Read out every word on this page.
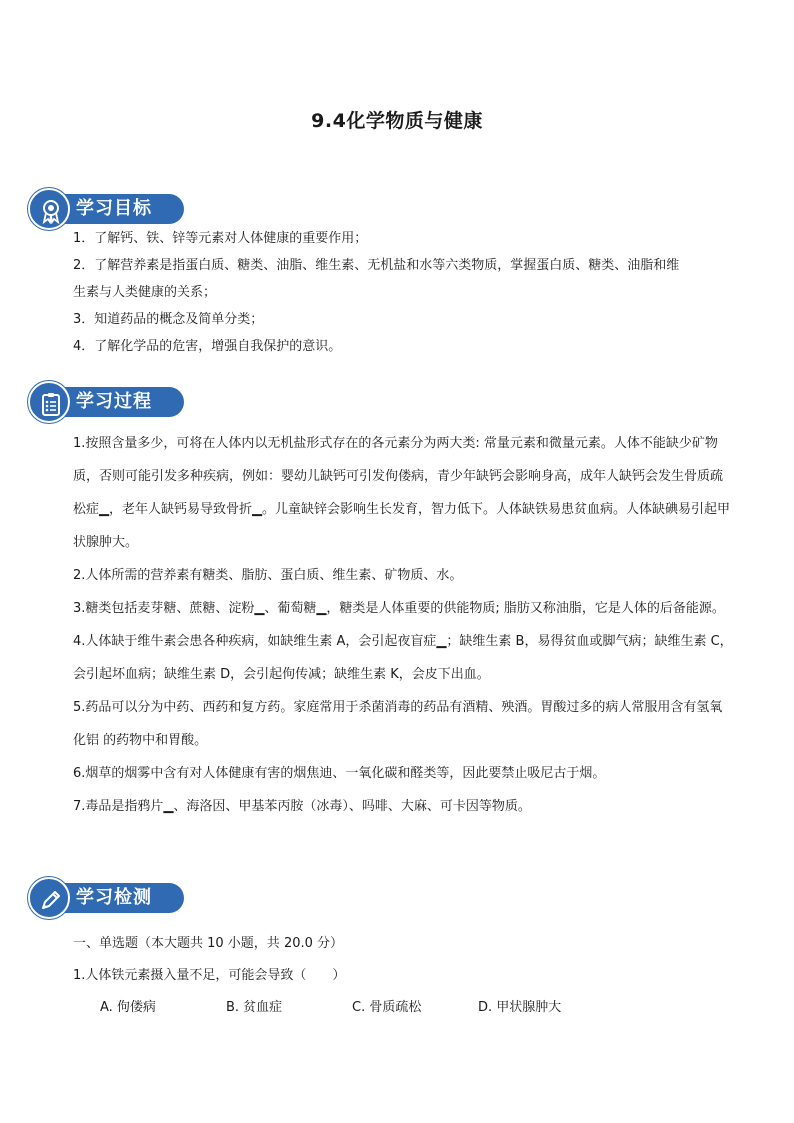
9.4化学物质与健康
学习目标
1．了解钙、铁、锌等元素对人体健康的重要作用；
2．了解营养素是指蛋白质、糖类、油脂、维生素、无机盐和水等六类物质，掌握蛋白质、糖类、油脂和维
生素与人类健康的关系；
3．知道药品的概念及简单分类；
4．了解化学品的危害，增强自我保护的意识。
学习过程

1.按照含量多少，可将在人体内以无机盐形式存在的各元素分为两大类: 常量元素和微量元素。人体不能缺少矿物质，否则可能引发多种疾病，例如：婴幼儿缺钙可引发佝偻病，青少年缺钙会影响身高，成年人缺钙会发生骨质疏松症▁，老年人缺钙易导致骨折▁。儿童缺锌会影响生长发育，智力低下。人体缺铁易患贫血病。人体缺碘易引起甲状腺肿大。

2.人体所需的营养素有糖类、脂肪、蛋白质、维生素、矿物质、水。

3.糖类包括麦芽糖、蔗糖、淀粉▁、葡萄糖▁，糖类是人体重要的供能物质; 脂肪又称油脂，它是人体的后备能源。

4.人体缺于维牛素会患各种疾病，如缺维生素 A，会引起夜盲症▁；缺维生素 B，易得贫血或脚气病；缺维生素 C，会引起坏血病；缺维生素 D，会引起佝传减；缺维生素 K，会皮下出血。

5.药品可以分为中药、西药和复方药。家庭常用于杀菌消毒的药品有酒精、殃酒。胃酸过多的病人常服用含有氢氧化铝 的药物中和胃酸。

6.烟草的烟雾中含有对人体健康有害的烟焦迪、一氧化碳和醛类等，因此要禁止吸尼古于烟。

7.毒品是指鸦片▁、海洛因、甲基苯丙胺（冰毒）、吗啡、大麻、可卡因等物质。

学习检测
一、单选题（本大题共 10 小题，共 20.0 分）
1.人体铁元素摄入量不足，可能会导致（　　）
A. 佝偻病	B. 贫血症	C. 骨质疏松	D. 甲状腺肿大
